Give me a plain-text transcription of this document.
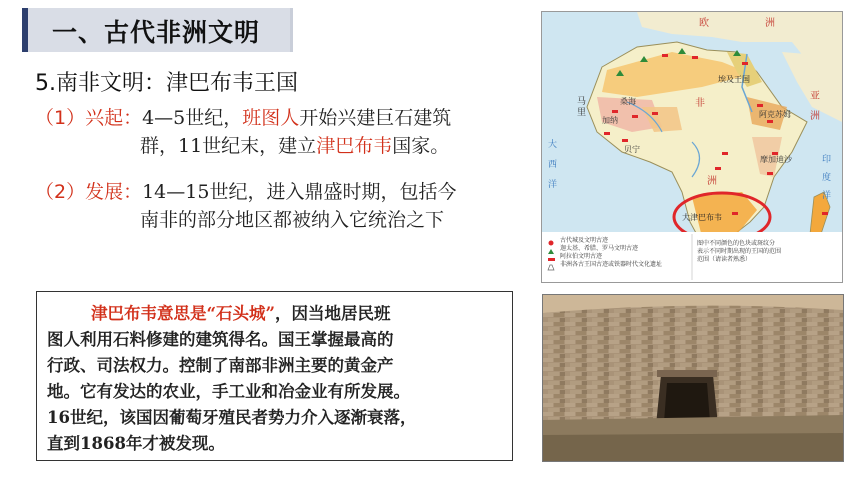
一、古代非洲文明
5.南非文明：津巴布韦王国
（1）兴起：4—5世纪，班图人开始兴建巨石建筑
群，11世纪末，建立津巴布韦国家。
（2）发展：14—15世纪，进入鼎盛时期，包括今
南非的部分地区都被纳入它统治之下
欧	洲
亚
洲
埃及王国
马
里
非
洲
加纳
桑海
贝宁
阿克苏姆
摩加迪沙
大津巴布韦
大
西
洋
印
度
洋
古代城及文明古迹
迦太基、希腊、罗马文明古迹
阿拉伯文明古迹
非洲各古王国古迹或铁器时代文化遗址
图中不同颜色的色块或斑纹分
表示不同时期出现的王国的范围
范围（请读者熟悉）
津巴布韦意思是“石头城”，因当地居民班
图人利用石料修建的建筑得名。国王掌握最高的
行政、司法权力。控制了南部非洲主要的黄金产
地。它有发达的农业，手工业和冶金业有所发展。
16世纪，该国因葡萄牙殖民者势力介入逐渐衰落，
直到1868年才被发现。
